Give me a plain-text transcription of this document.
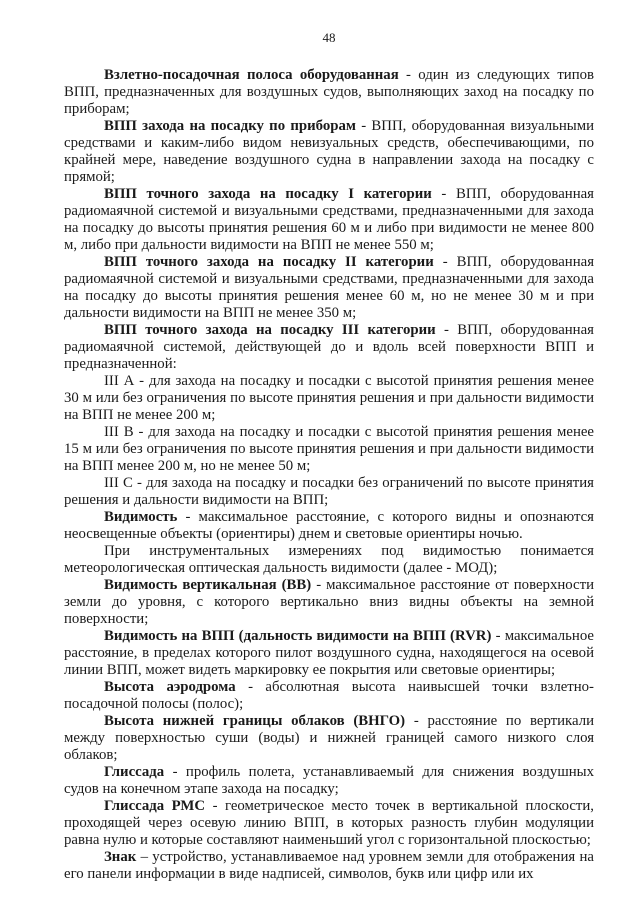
48

Взлетно-посадочная полоса оборудованная - один из следующих типов ВПП, предназначенных для воздушных судов, выполняющих заход на посадку по приборам;

ВПП захода на посадку по приборам - ВПП, оборудованная визуальными средствами и каким-либо видом невизуальных средств, обеспечивающими, по крайней мере, наведение воздушного судна в направлении захода на посадку с прямой;

ВПП точного захода на посадку I категории - ВПП, оборудованная радиомаячной системой и визуальными средствами, предназначенными для захода на посадку до высоты принятия решения 60 м и либо при видимости не менее 800 м, либо при дальности видимости на ВПП не менее 550 м;

ВПП точного захода на посадку II категории - ВПП, оборудованная радиомаячной системой и визуальными средствами, предназначенными для захода на посадку до высоты принятия решения менее 60 м, но не менее 30 м и при дальности видимости на ВПП не менее 350 м;

ВПП точного захода на посадку III категории - ВПП, оборудованная радиомаячной системой, действующей до и вдоль всей поверхности ВПП и предназначенной:

III А - для захода на посадку и посадки с высотой принятия решения менее 30 м или без ограничения по высоте принятия решения и при дальности видимости на ВПП не менее 200 м;

III В - для захода на посадку и посадки с высотой принятия решения менее 15 м или без ограничения по высоте принятия решения и при дальности видимости на ВПП менее 200 м, но не менее 50 м;

III С - для захода на посадку и посадки без ограничений по высоте принятия решения и дальности видимости на ВПП;

Видимость - максимальное расстояние, с которого видны и опознаются неосвещенные объекты (ориентиры) днем и световые ориентиры ночью.

При инструментальных измерениях под видимостью понимается метеорологическая оптическая дальность видимости (далее - МОД);

Видимость вертикальная (ВВ) - максимальное расстояние от поверхности земли до уровня, с которого вертикально вниз видны объекты на земной поверхности;

Видимость на ВПП (дальность видимости на ВПП (RVR) - максимальное расстояние, в пределах которого пилот воздушного судна, находящегося на осевой линии ВПП, может видеть маркировку ее покрытия или световые ориентиры;

Высота аэродрома - абсолютная высота наивысшей точки взлетно-посадочной полосы (полос);

Высота нижней границы облаков (ВНГО) - расстояние по вертикали между поверхностью суши (воды) и нижней границей самого низкого слоя облаков;

Глиссада - профиль полета, устанавливаемый для снижения воздушных судов на конечном этапе захода на посадку;

Глиссада РМС - геометрическое место точек в вертикальной плоскости, проходящей через осевую линию ВПП, в которых разность глубин модуляции равна нулю и которые составляют наименьший угол с горизонтальной плоскостью;

Знак – устройство, устанавливаемое над уровнем земли для отображения на его панели информации в виде надписей, символов, букв или цифр или их
